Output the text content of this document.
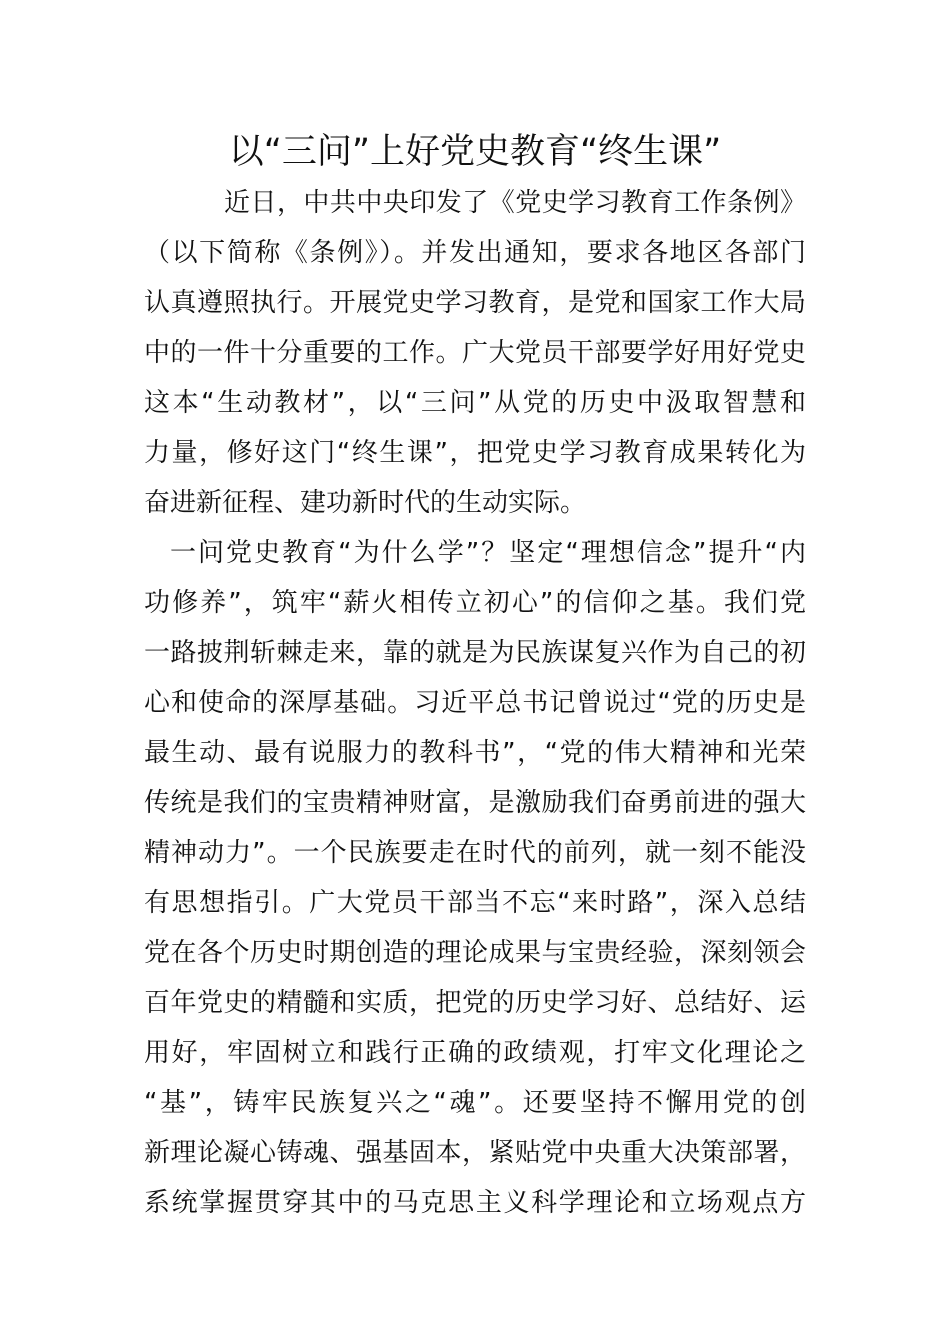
以“三问”上好党史教育“终生课”
近日，中共中央印发了《党史学习教育工作条例》
（以下简称《条例》）。并发出通知，要求各地区各部门
认真遵照执行。开展党史学习教育，是党和国家工作大局
中的一件十分重要的工作。广大党员干部要学好用好党史
这本“生动教材”，以“三问”从党的历史中汲取智慧和
力量，修好这门“终生课”，把党史学习教育成果转化为
奋进新征程、建功新时代的生动实际。
一问党史教育“为什么学”？坚定“理想信念”提升“内
功修养”，筑牢“薪火相传立初心”的信仰之基。我们党
一路披荆斩棘走来，靠的就是为民族谋复兴作为自己的初
心和使命的深厚基础。习近平总书记曾说过“党的历史是
最生动、最有说服力的教科书”，“党的伟大精神和光荣
传统是我们的宝贵精神财富，是激励我们奋勇前进的强大
精神动力”。一个民族要走在时代的前列，就一刻不能没
有思想指引。广大党员干部当不忘“来时路”，深入总结
党在各个历史时期创造的理论成果与宝贵经验，深刻领会
百年党史的精髓和实质，把党的历史学习好、总结好、运
用好，牢固树立和践行正确的政绩观，打牢文化理论之
“基”，铸牢民族复兴之“魂”。还要坚持不懈用党的创
新理论凝心铸魂、强基固本，紧贴党中央重大决策部署，
系统掌握贯穿其中的马克思主义科学理论和立场观点方
